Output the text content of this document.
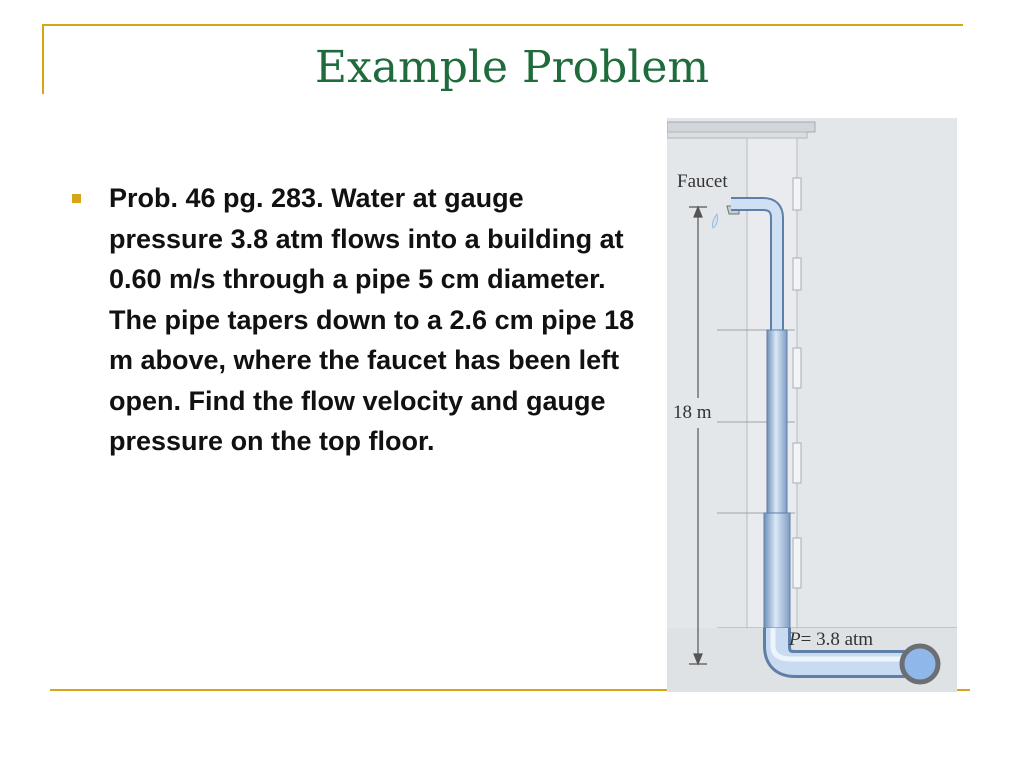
Example Problem

Prob. 46 pg. 283. Water at gauge pressure 3.8 atm flows into a building at 0.60 m/s through a pipe 5 cm diameter. The pipe tapers down to a 2.6 cm pipe 18 m above, where the faucet has been left open. Find the flow velocity and gauge pressure on the top floor.

18 m
Faucet
P= 3.8 atm
